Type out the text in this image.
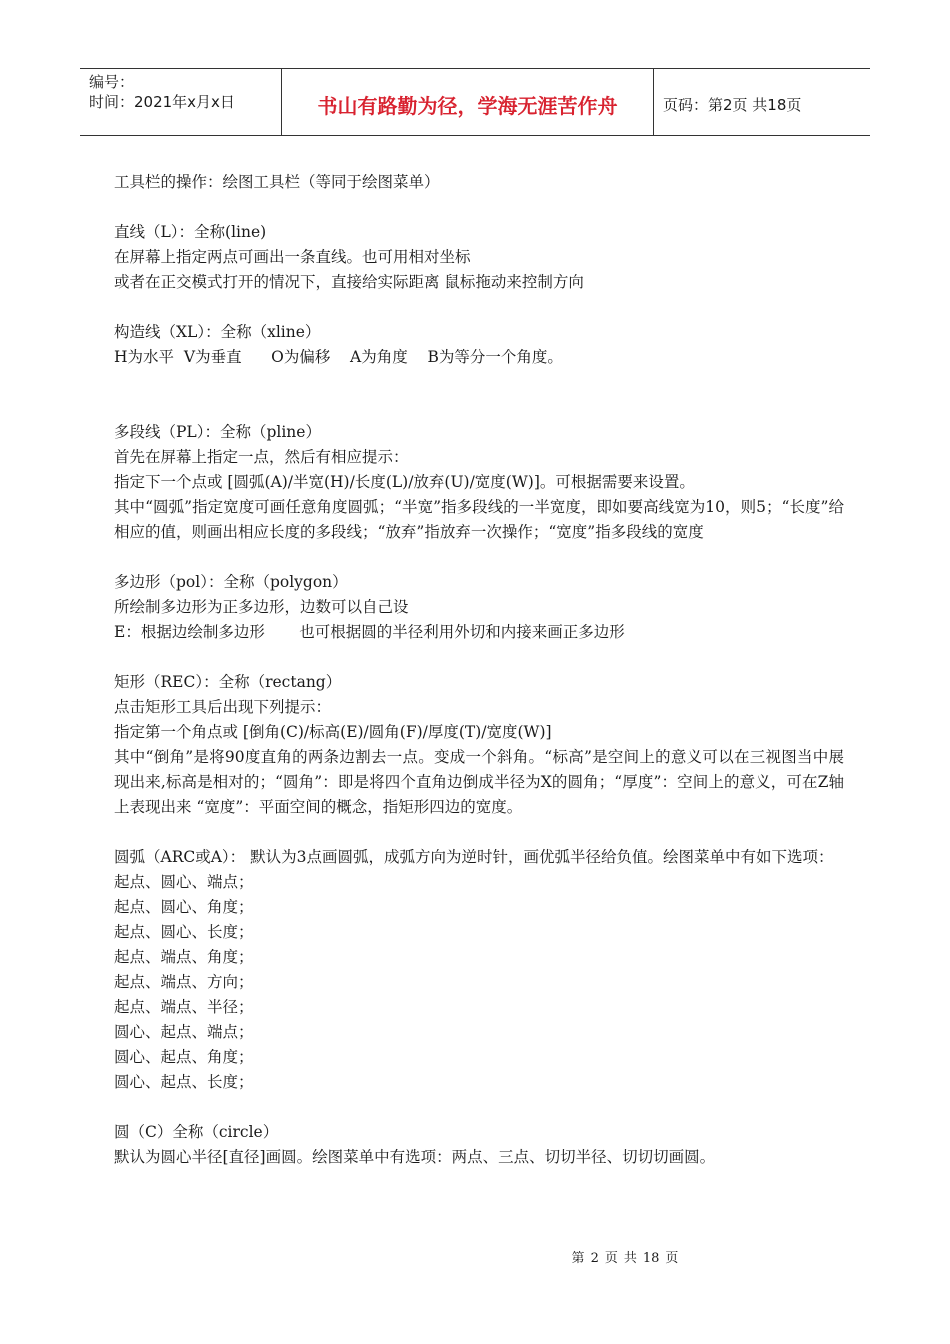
编号：
时间：2021年x月x日	书山有路勤为径，学海无涯苦作舟	页码：第2页 共18页

工具栏的操作：绘图工具栏（等同于绘图菜单）

直线（L）：全称(line)

在屏幕上指定两点可画出一条直线。也可用相对坐标

或者在正交模式打开的情况下，直接给实际距离 鼠标拖动来控制方向

构造线（XL）：全称（xline）

H为水平  V为垂直      O为偏移    A为角度    B为等分一个角度。

多段线（PL）：全称（pline）

首先在屏幕上指定一点，然后有相应提示：

指定下一个点或 [圆弧(A)/半宽(H)/长度(L)/放弃(U)/宽度(W)]。可根据需要来设置。

其中“圆弧”指定宽度可画任意角度圆弧；“半宽”指多段线的一半宽度，即如要高线宽为10，则5；“长度”给相应的值，则画出相应长度的多段线；“放弃”指放弃一次操作；“宽度”指多段线的宽度

多边形（pol）：全称（polygon）

所绘制多边形为正多边形，边数可以自己设

E：根据边绘制多边形       也可根据圆的半径利用外切和内接来画正多边形

矩形（REC）：全称（rectang）

点击矩形工具后出现下列提示：

指定第一个角点或 [倒角(C)/标高(E)/圆角(F)/厚度(T)/宽度(W)]

其中“倒角”是将90度直角的两条边割去一点。变成一个斜角。“标高”是空间上的意义可以在三视图当中展现出来,标高是相对的；“圆角”：即是将四个直角边倒成半径为X的圆角；“厚度”：空间上的意义，可在Z轴上表现出来 “宽度”：平面空间的概念，指矩形四边的宽度。

圆弧（ARC或A）： 默认为3点画圆弧，成弧方向为逆时针，画优弧半径给负值。绘图菜单中有如下选项：

起点、圆心、端点；

起点、圆心、角度；

起点、圆心、长度；

起点、端点、角度；

起点、端点、方向；

起点、端点、半径；

圆心、起点、端点；

圆心、起点、角度；

圆心、起点、长度；

圆（C）全称（circle）

默认为圆心半径[直径]画圆。绘图菜单中有选项：两点、三点、切切半径、切切切画圆。

第 2 页 共 18 页
